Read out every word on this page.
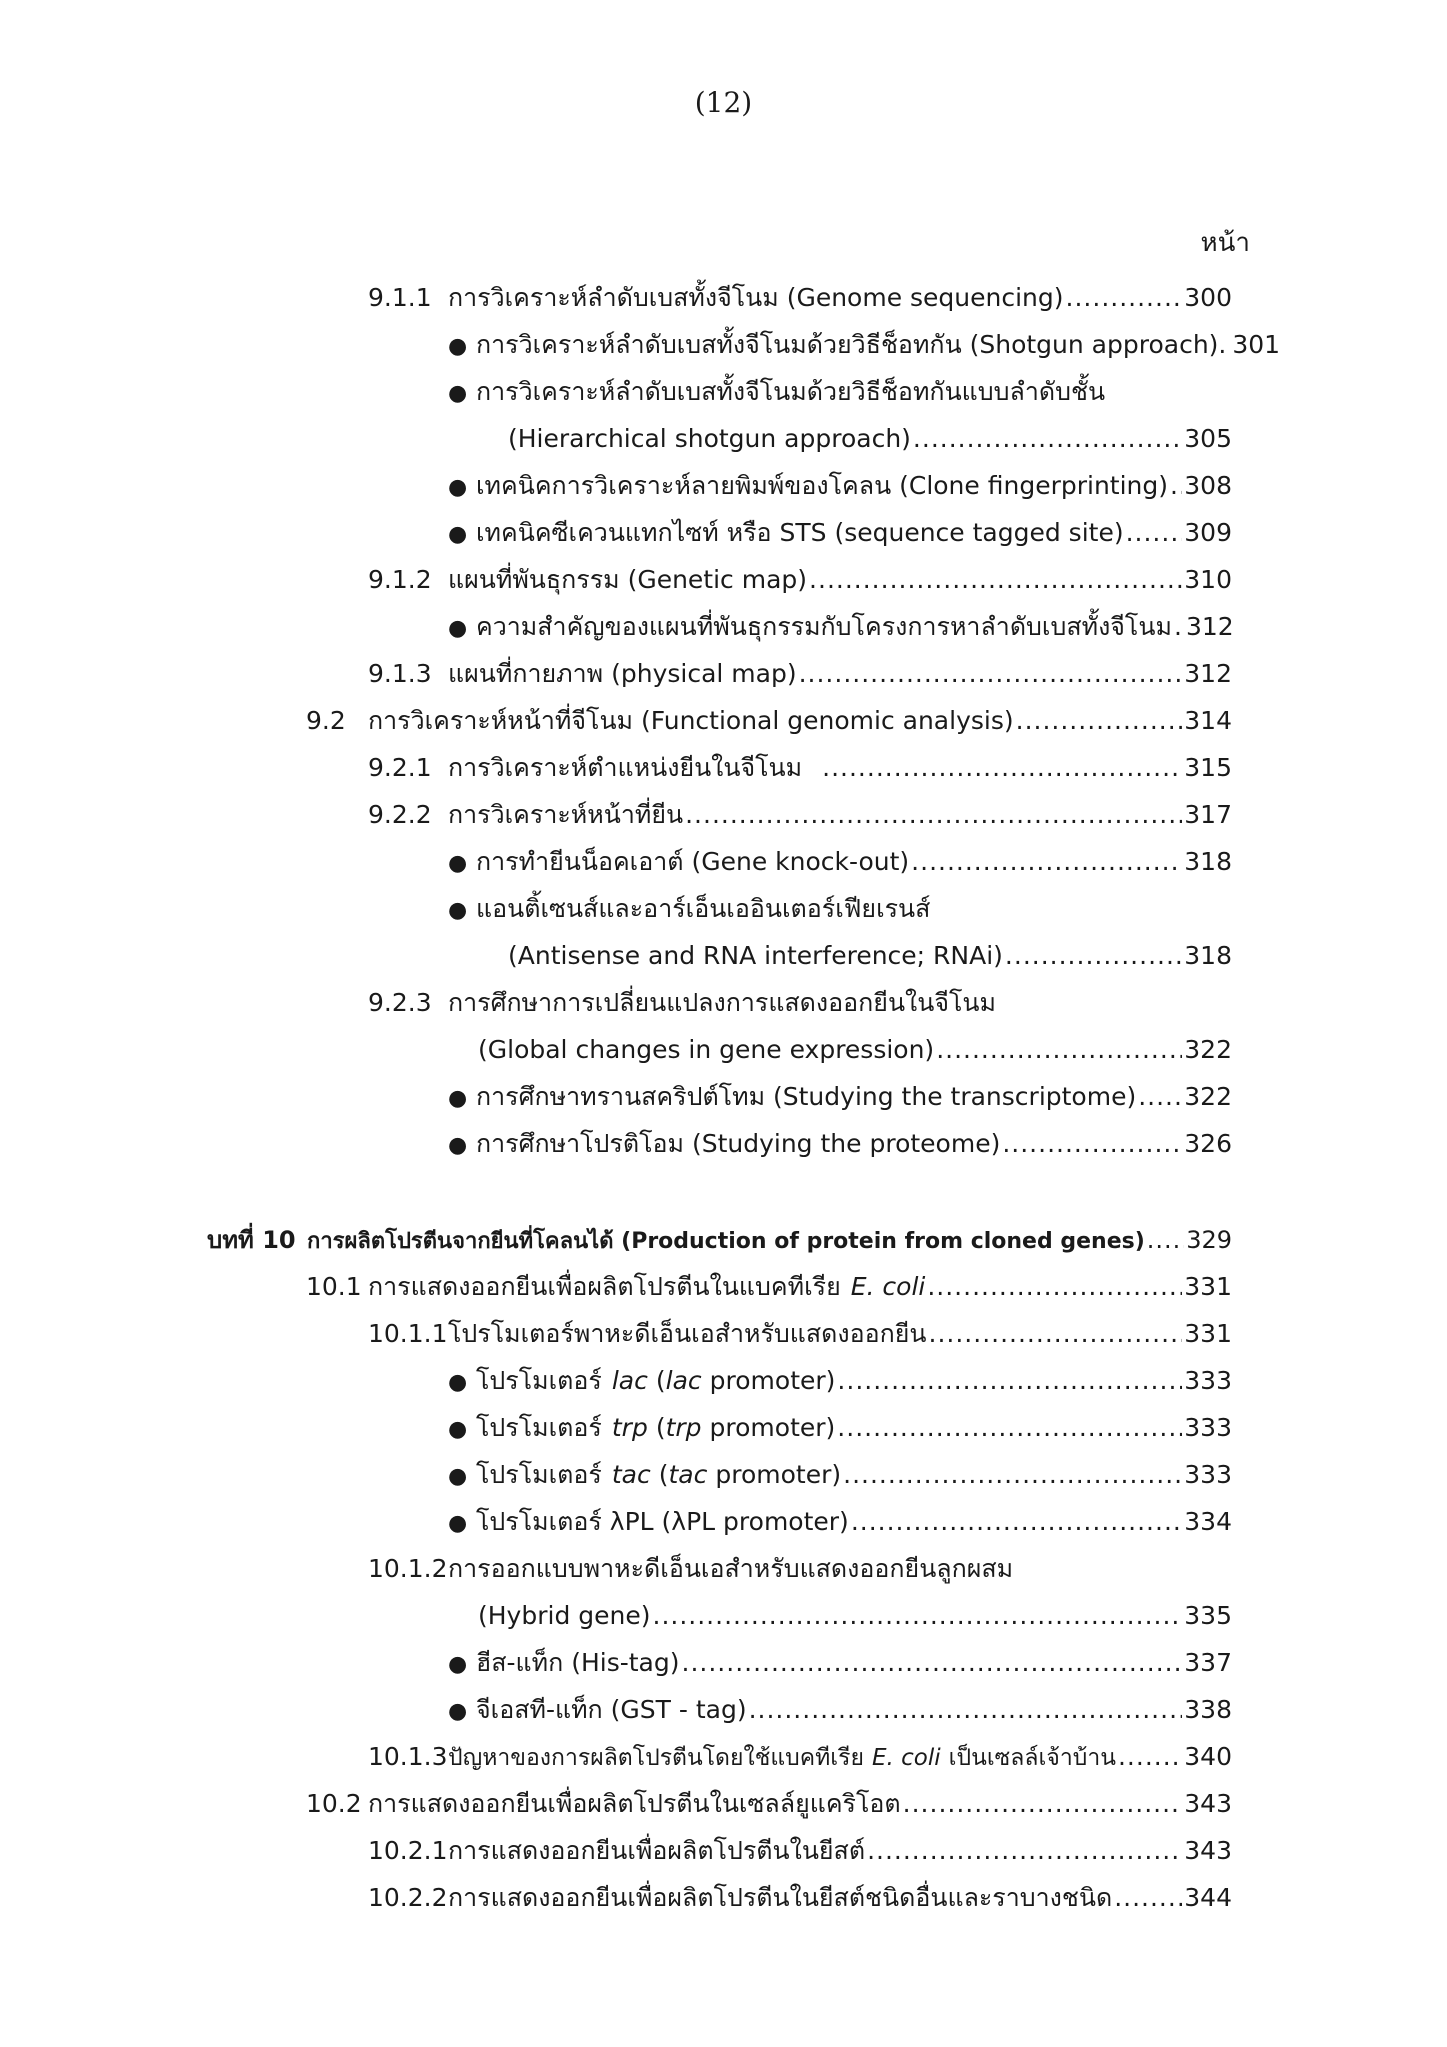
(12)
หน้า
9.1.1 การวิเคราะห์ลำดับเบสทั้งจีโนม (Genome sequencing) .....	300
● การวิเคราะห์ลำดับเบสทั้งจีโนมด้วยวิธีช็อทกัน (Shotgun approach). 301
● การวิเคราะห์ลำดับเบสทั้งจีโนมด้วยวิธีช็อทกันแบบลำดับชั้น
(Hierarchical shotgun approach) .....	305
● เทคนิคการวิเคราะห์ลายพิมพ์ของโคลน (Clone fingerprinting) ..... 308
● เทคนิคซีเควนแทกไซท์ หรือ STS (sequence tagged site) ..... 309
9.1.2 แผนที่พันธุกรรม (Genetic map) .....	310
● ความสำคัญของแผนที่พันธุกรรมกับโครงการหาลำดับเบสทั้งจีโนม ..... 312
9.1.3 แผนที่กายภาพ (physical map) .....	312
9.2 การวิเคราะห์หน้าที่จีโนม (Functional genomic analysis) .....	314
9.2.1 การวิเคราะห์ตำแหน่งยีนในจีโนม .....	315
9.2.2 การวิเคราะห์หน้าที่ยีน .....	317
● การทำยีนน็อคเอาต์ (Gene knock-out) .....	318
● แอนติ้เซนส์และอาร์เอ็นเออินเตอร์เฟียเรนส์
(Antisense and RNA interference; RNAi) .....	318
9.2.3 การศึกษาการเปลี่ยนแปลงการแสดงออกยีนในจีโนม
(Global changes in gene expression) .....	322
● การศึกษาทรานสคริปต์โทม (Studying the transcriptome) ..... 322
● การศึกษาโปรติโอม (Studying the proteome) .....	326
บทที่ 10 การผลิตโปรตีนจากยีนที่โคลนได้ (Production of protein from cloned genes) ..... 329
10.1 การแสดงออกยีนเพื่อผลิตโปรตีนในแบคทีเรีย E. coli .....	331
10.1.1 โปรโมเตอร์พาหะดีเอ็นเอสำหรับแสดงออกยีน .....	331
● โปรโมเตอร์ lac ( lac promoter) .....	333
● โปรโมเตอร์ trp ( trp promoter) .....	333
● โปรโมเตอร์ tac ( tac promoter) .....	333
● โปรโมเตอร์ λPL (λPL promoter) .....	334
10.1.2 การออกแบบพาหะดีเอ็นเอสำหรับแสดงออกยีนลูกผสม
(Hybrid gene) .....	335
● ฮีส-แท็ก (His-tag) .....	337
● จีเอสที-แท็ก (GST - tag) .....	338
10.1.3 ปัญหาของการผลิตโปรตีนโดยใช้แบคทีเรีย E. coli เป็นเซลล์เจ้าบ้าน .....	340
10.2 การแสดงออกยีนเพื่อผลิตโปรตีนในเซลล์ยูแคริโอต .....	343
10.2.1 การแสดงออกยีนเพื่อผลิตโปรตีนในยีสต์ .....	343
10.2.2 การแสดงออกยีนเพื่อผลิตโปรตีนในยีสต์ชนิดอื่นและราบางชนิด .....	344
